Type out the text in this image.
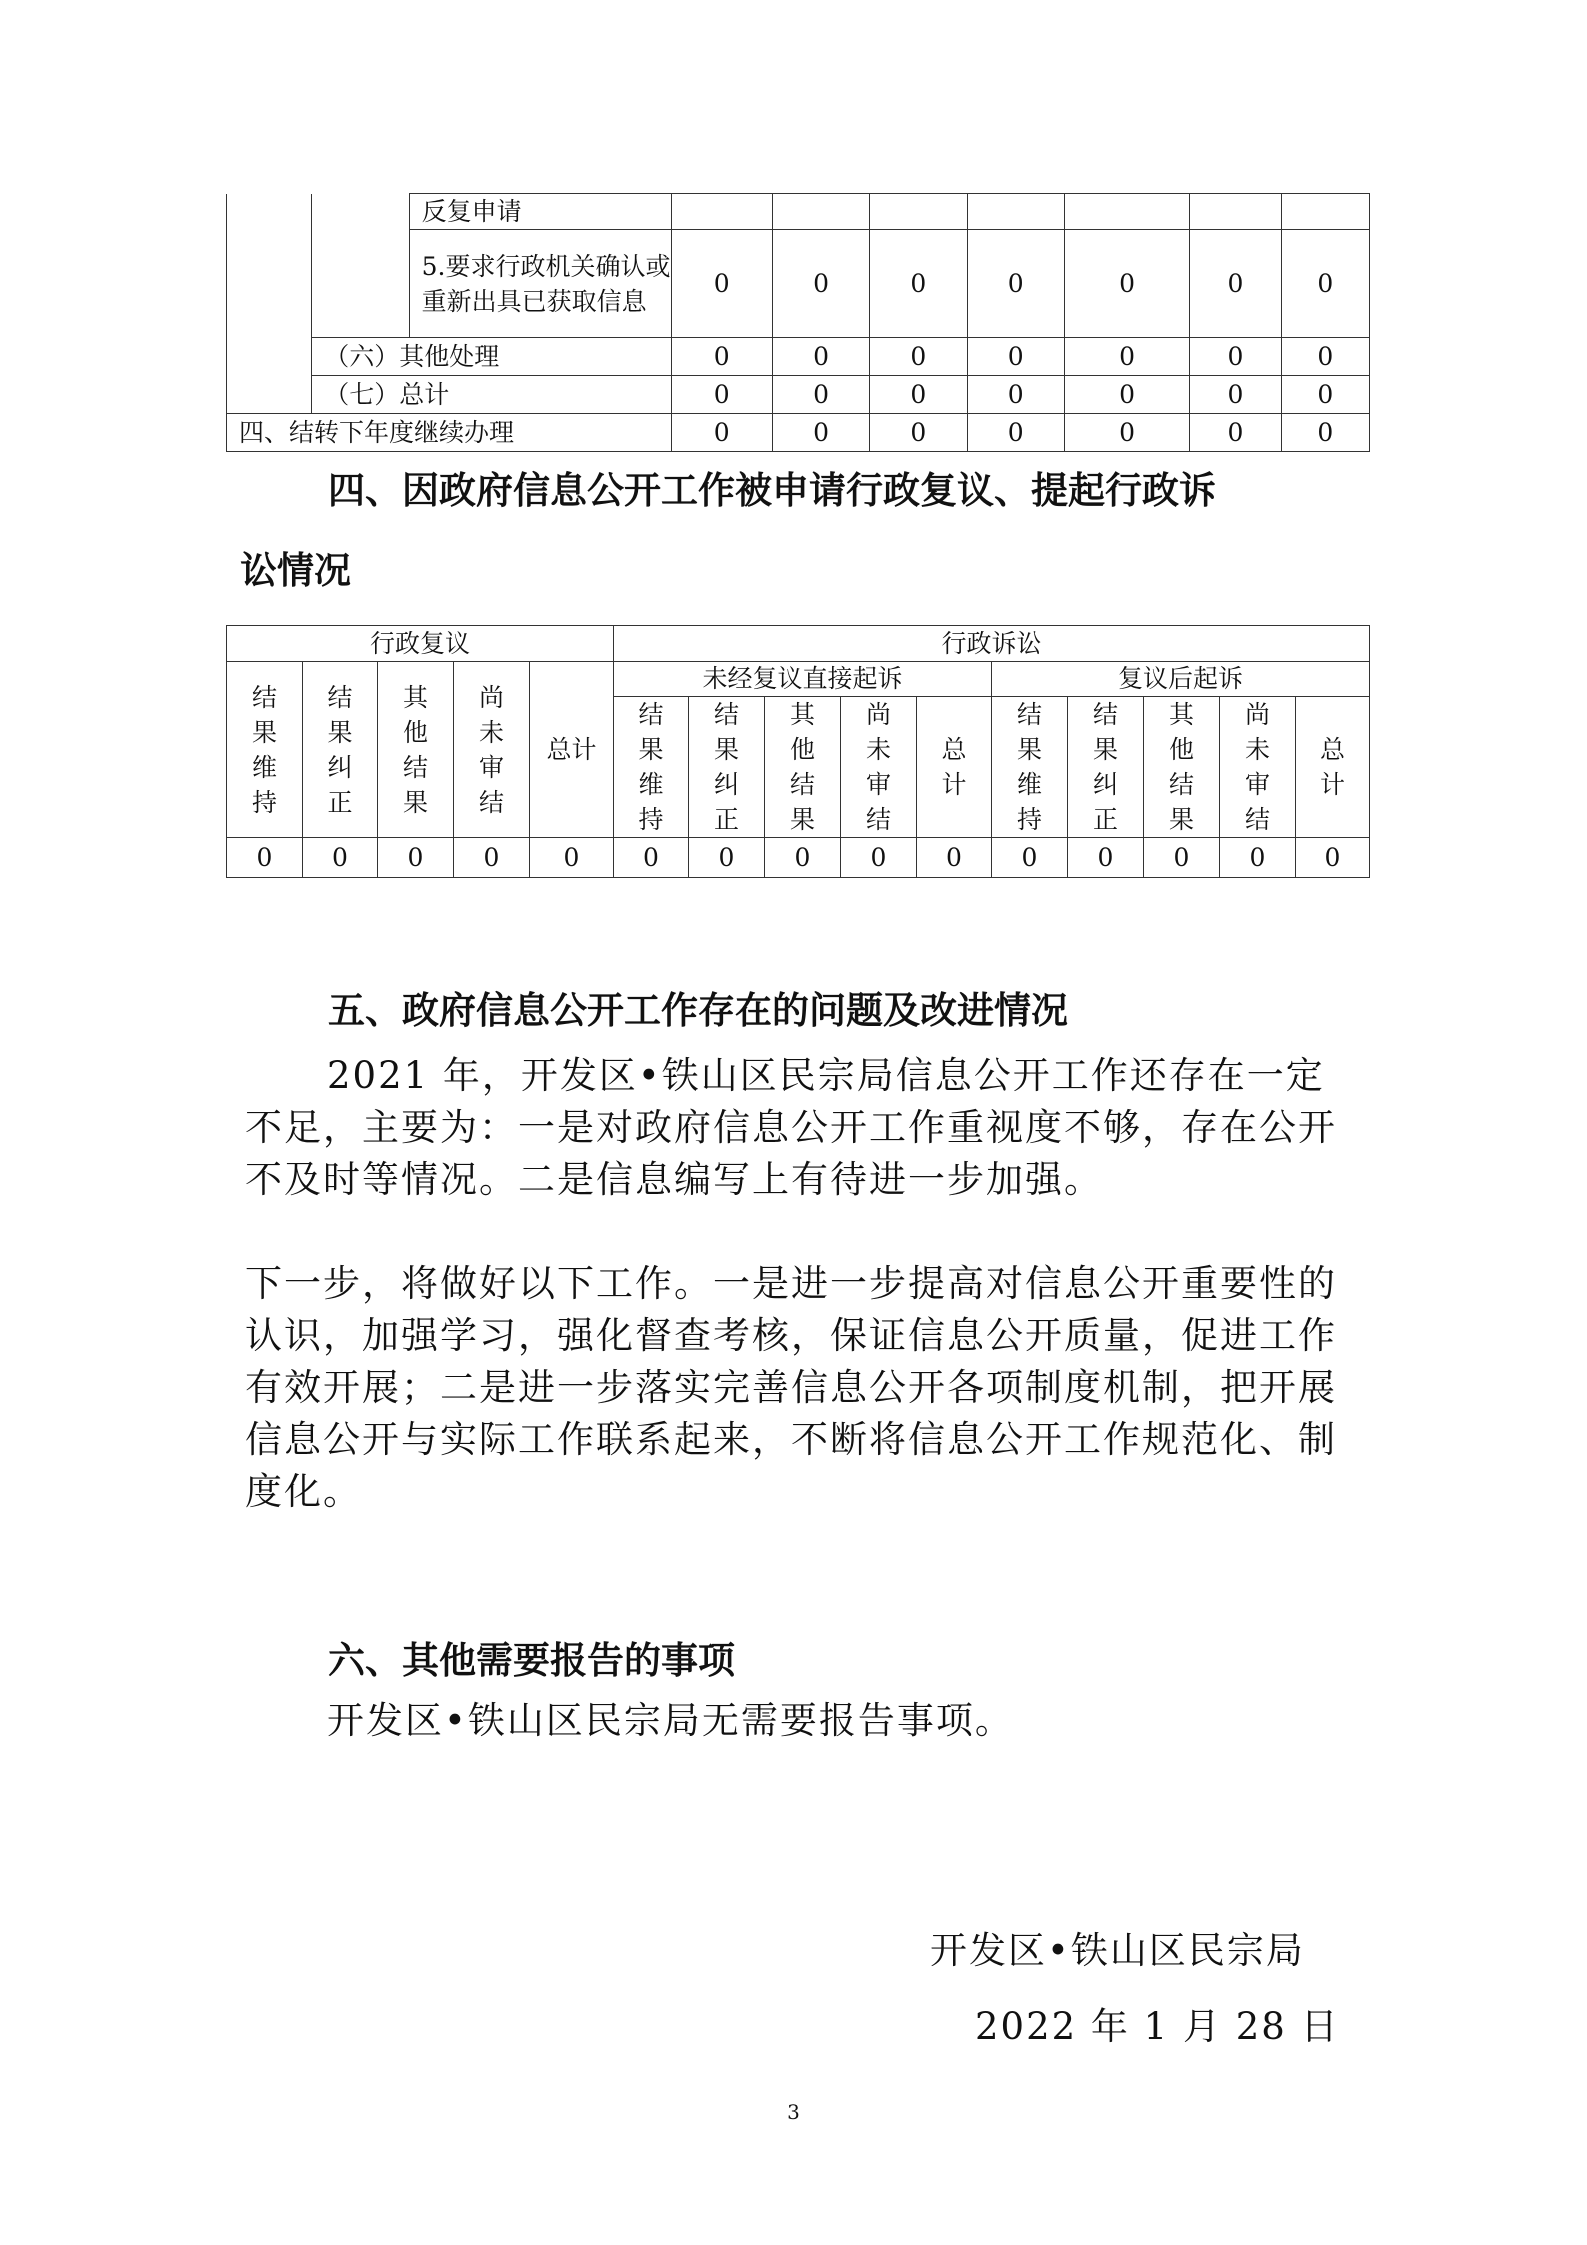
		反复申请							
		5.要求行政机关确认或重新出具已获取信息	0	0	0	0	0	0	0
	（六）其他处理		0	0	0	0	0	0	0
	（七）总计		0	0	0	0	0	0	0
四、结转下年度继续办理			0	0	0	0	0	0	0

四、因政府信息公开工作被申请行政复议、提起行政诉

讼情况

行政复议					行政诉讼									
结果维持	结果纠正	其他结果	尚未审结	总计	未经复议直接起诉					复议后起诉				
					结果维持	结果纠正	其他结果	尚未审结	总计	结果维持	结果纠正	其他结果	尚未审结	总计
0	0	0	0	0	0	0	0	0	0	0	0	0	0	0

五、政府信息公开工作存在的问题及改进情况

2021 年，开发区•铁山区民宗局信息公开工作还存在一定不足，主要为：一是对政府信息公开工作重视度不够，存在公开不及时等情况。二是信息编写上有待进一步加强。

下一步，将做好以下工作。一是进一步提高对信息公开重要性的认识，加强学习，强化督查考核，保证信息公开质量，促进工作有效开展；二是进一步落实完善信息公开各项制度机制，把开展信息公开与实际工作联系起来，不断将信息公开工作规范化、制度化。

六、其他需要报告的事项

开发区•铁山区民宗局无需要报告事项。

开发区•铁山区民宗局

2022 年 1 月 28 日

3
